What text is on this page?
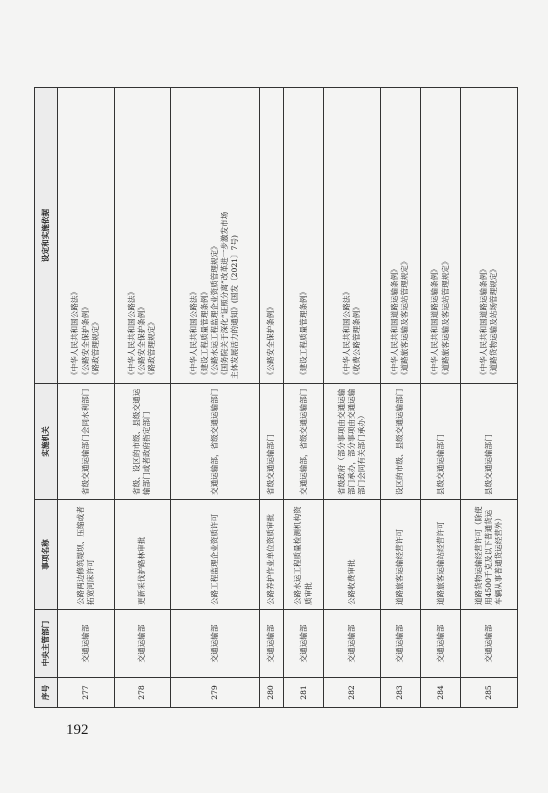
序号	中央主管部门	事项名称	实施机关	设定和实施依据
277	交通运输部	公路两边修筑堤坝、压缩或者拓宽河床许可	省级交通运输部门会同水利部门	《中华人民共和国公路法》 《公路安全保护条例》 《路政管理规定》

278	交通运输部	更新采伐护路林审批	省级、设区的市级、县级交通运输部门或者政府指定部门	《中华人民共和国公路法》 《公路安全保护条例》 《路政管理规定》

279	交通运输部	公路工程监理企业资质许可	交通运输部，省级交通运输部门	《中华人民共和国公路法》 《建设工程质量管理条例》 《公路水运工程监理企业资质管理规定》 《国务院关于深化“证照分离”改革进一步激发市场 主体发展活力的通知》(国发〔2021〕7号)

280	交通运输部	公路养护作业单位资质审批	省级交通运输部门	《公路安全保护条例》

281	交通运输部	公路水运工程质量检测机构资质审批	交通运输部，省级交通运输部门	《建设工程质量管理条例》

282	交通运输部	公路收费审批	省级政府（部分事项由交通运输部门承办，部分事项由交通运输部门会同有关部门承办）	《中华人民共和国公路法》 《收费公路管理条例》

283	交通运输部	道路旅客运输经营许可	设区的市级、县级交通运输部门	《中华人民共和国道路运输条例》 《道路旅客运输及客运站管理规定》

284	交通运输部	道路旅客运输站经营许可	县级交通运输部门	《中华人民共和国道路运输条例》 《道路旅客运输及客运站管理规定》

285	交通运输部	道路货物运输经营许可（除使用4500千克及以下普通货运车辆从事普通货运经营外）	县级交通运输部门	《中华人民共和国道路运输条例》 《道路货物运输及站场管理规定》
192
